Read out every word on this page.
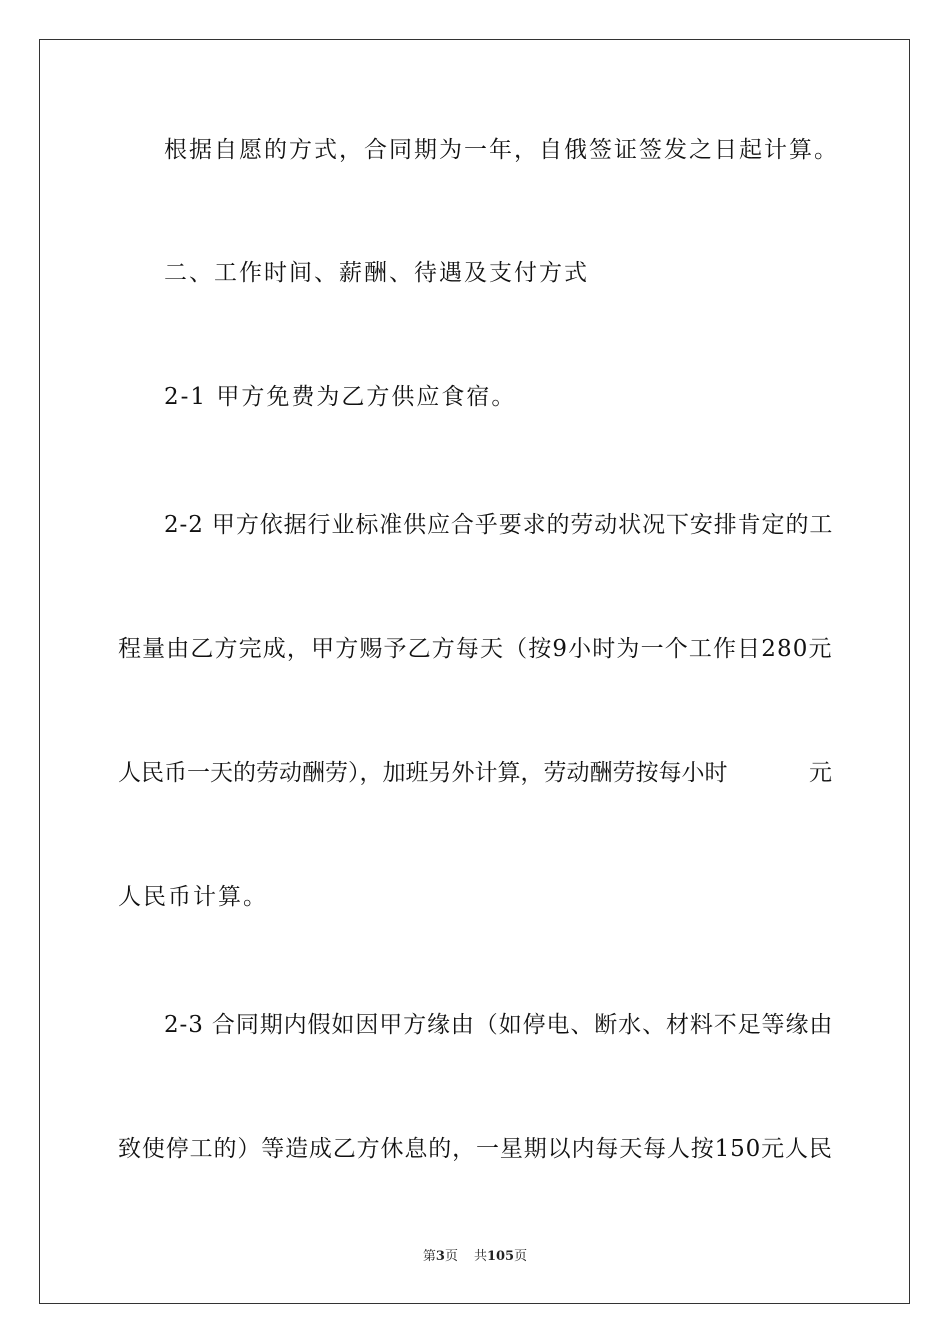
根据自愿的方式，合同期为一年，自俄签证签发之日起计算。
二、工作时间、薪酬、待遇及支付方式
2-1 甲方免费为乙方供应食宿。
2-2 甲方依据行业标准供应合乎要求的劳动状况下安排肯定的工
程量由乙方完成，甲方赐予乙方每天（按9小时为一个工作日280元
人民币一天的劳动酬劳），加班另外计算，劳动酬劳按每小时	元
人民币计算。
2-3 合同期内假如因甲方缘由（如停电、断水、材料不足等缘由
致使停工的）等造成乙方休息的，一星期以内每天每人按150元人民
第3页 共105页
